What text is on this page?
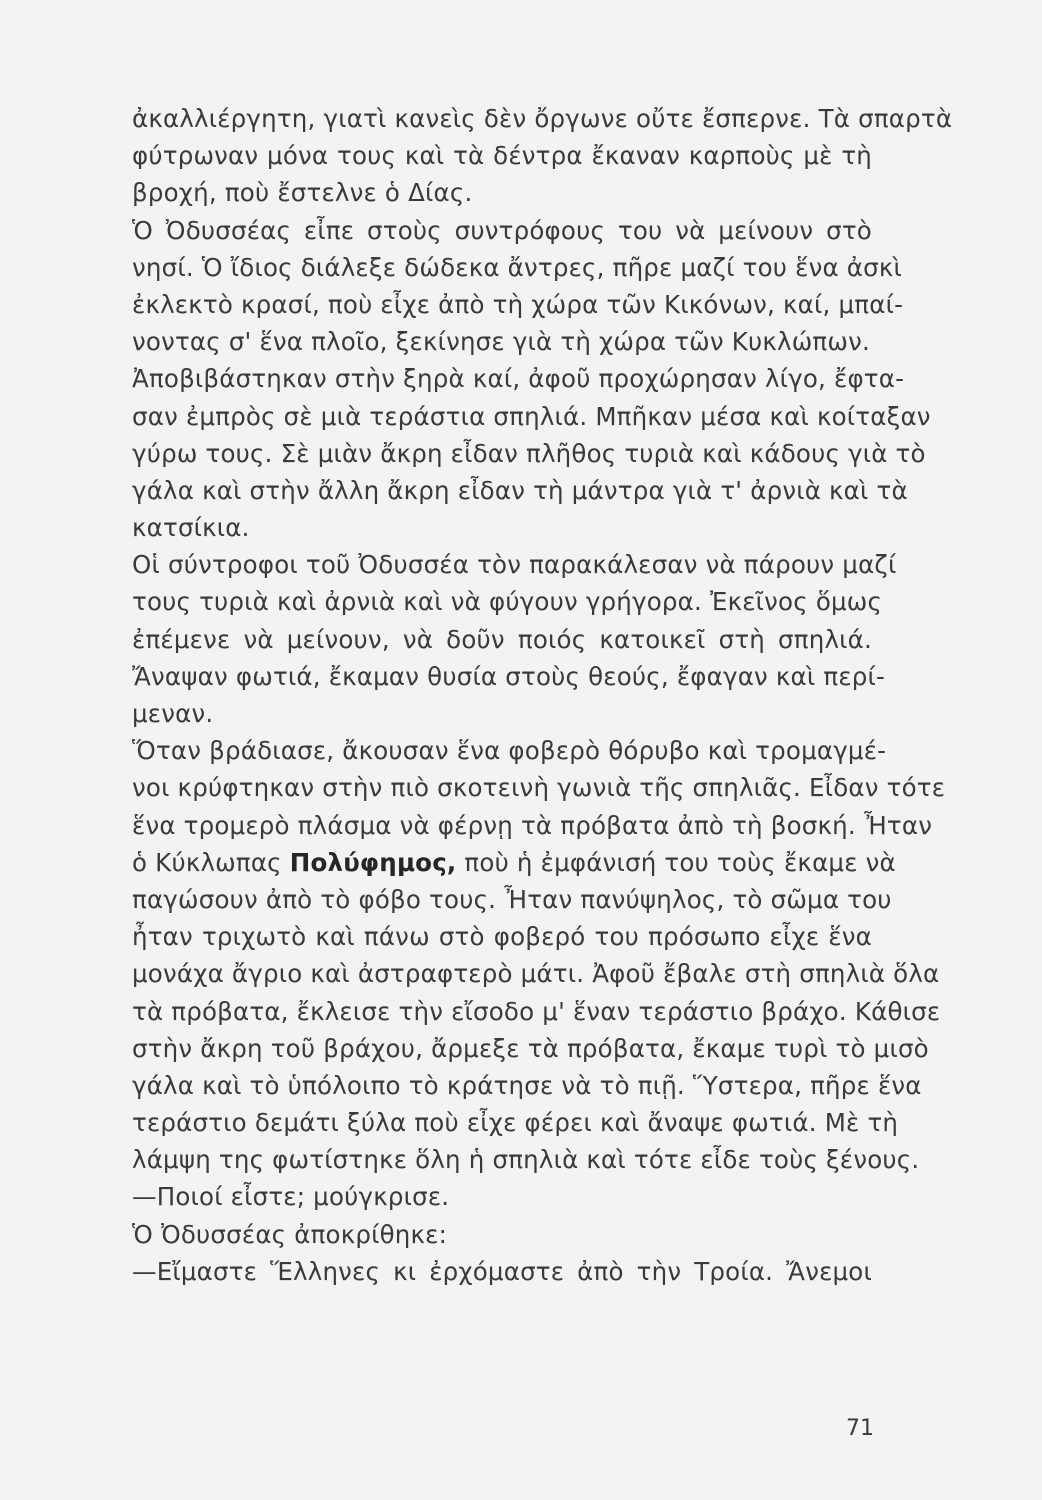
ἀκαλλιέργητη, γιατὶ κανεὶς δὲν ὄργωνε οὔτε ἔσπερνε. Τὰ σπαρτὰ
φύτρωναν μόνα τους καὶ τὰ δέντρα ἔκαναν καρποὺς μὲ τὴ
βροχή, ποὺ ἔστελνε ὁ Δίας.
Ὁ Ὀδυσσέας εἶπε στοὺς συντρόφους του νὰ μείνουν στὸ
νησί. Ὁ ἴδιος διάλεξε δώδεκα ἄντρες, πῆρε μαζί του ἕνα ἀσκὶ
ἐκλεκτὸ κρασί, ποὺ εἶχε ἀπὸ τὴ χώρα τῶν Κικόνων, καί, μπαί-
νοντας σ' ἕνα πλοῖο, ξεκίνησε γιὰ τὴ χώρα τῶν Κυκλώπων.
Ἀποβιβάστηκαν στὴν ξηρὰ καί, ἀφοῦ προχώρησαν λίγο, ἔφτα-
σαν ἐμπρὸς σὲ μιὰ τεράστια σπηλιά. Μπῆκαν μέσα καὶ κοίταξαν
γύρω τους. Σὲ μιὰν ἄκρη εἶδαν πλῆθος τυριὰ καὶ κάδους γιὰ τὸ
γάλα καὶ στὴν ἄλλη ἄκρη εἶδαν τὴ μάντρα γιὰ τ' ἀρνιὰ καὶ τὰ
κατσίκια.
Οἱ σύντροφοι τοῦ Ὀδυσσέα τὸν παρακάλεσαν νὰ πάρουν μαζί
τους τυριὰ καὶ ἀρνιὰ καὶ νὰ φύγουν γρήγορα. Ἐκεῖνος ὅμως
ἐπέμενε νὰ μείνουν, νὰ δοῦν ποιός κατοικεῖ στὴ σπηλιά.
Ἄναψαν φωτιά, ἔκαμαν θυσία στοὺς θεούς, ἔφαγαν καὶ περί-
μεναν.
Ὅταν βράδιασε, ἄκουσαν ἕνα φοβερὸ θόρυβο καὶ τρομαγμέ-
νοι κρύφτηκαν στὴν πιὸ σκοτεινὴ γωνιὰ τῆς σπηλιᾶς. Εἶδαν τότε
ἕνα τρομερὸ πλάσμα νὰ φέρνῃ τὰ πρόβατα ἀπὸ τὴ βοσκή. Ἦταν
ὁ Κύκλωπας Πολύφημος, ποὺ ἡ ἐμφάνισή του τοὺς ἔκαμε νὰ
παγώσουν ἀπὸ τὸ φόβο τους. Ἦταν πανύψηλος, τὸ σῶμα του
ἦταν τριχωτὸ καὶ πάνω στὸ φοβερό του πρόσωπο εἶχε ἕνα
μονάχα ἄγριο καὶ ἀστραφτερὸ μάτι. Ἀφοῦ ἔβαλε στὴ σπηλιὰ ὅλα
τὰ πρόβατα, ἔκλεισε τὴν εἴσοδο μ' ἕναν τεράστιο βράχο. Κάθισε
στὴν ἄκρη τοῦ βράχου, ἄρμεξε τὰ πρόβατα, ἔκαμε τυρὶ τὸ μισὸ
γάλα καὶ τὸ ὑπόλοιπο τὸ κράτησε νὰ τὸ πιῇ. Ὕστερα, πῆρε ἕνα
τεράστιο δεμάτι ξύλα ποὺ εἶχε φέρει καὶ ἄναψε φωτιά. Μὲ τὴ
λάμψη της φωτίστηκε ὅλη ἡ σπηλιὰ καὶ τότε εἶδε τοὺς ξένους.
—Ποιοί εἶστε; μούγκρισε.
Ὁ Ὀδυσσέας ἀποκρίθηκε:
—Εἴμαστε Ἕλληνες κι ἐρχόμαστε ἀπὸ τὴν Τροία. Ἄνεμοι
71
